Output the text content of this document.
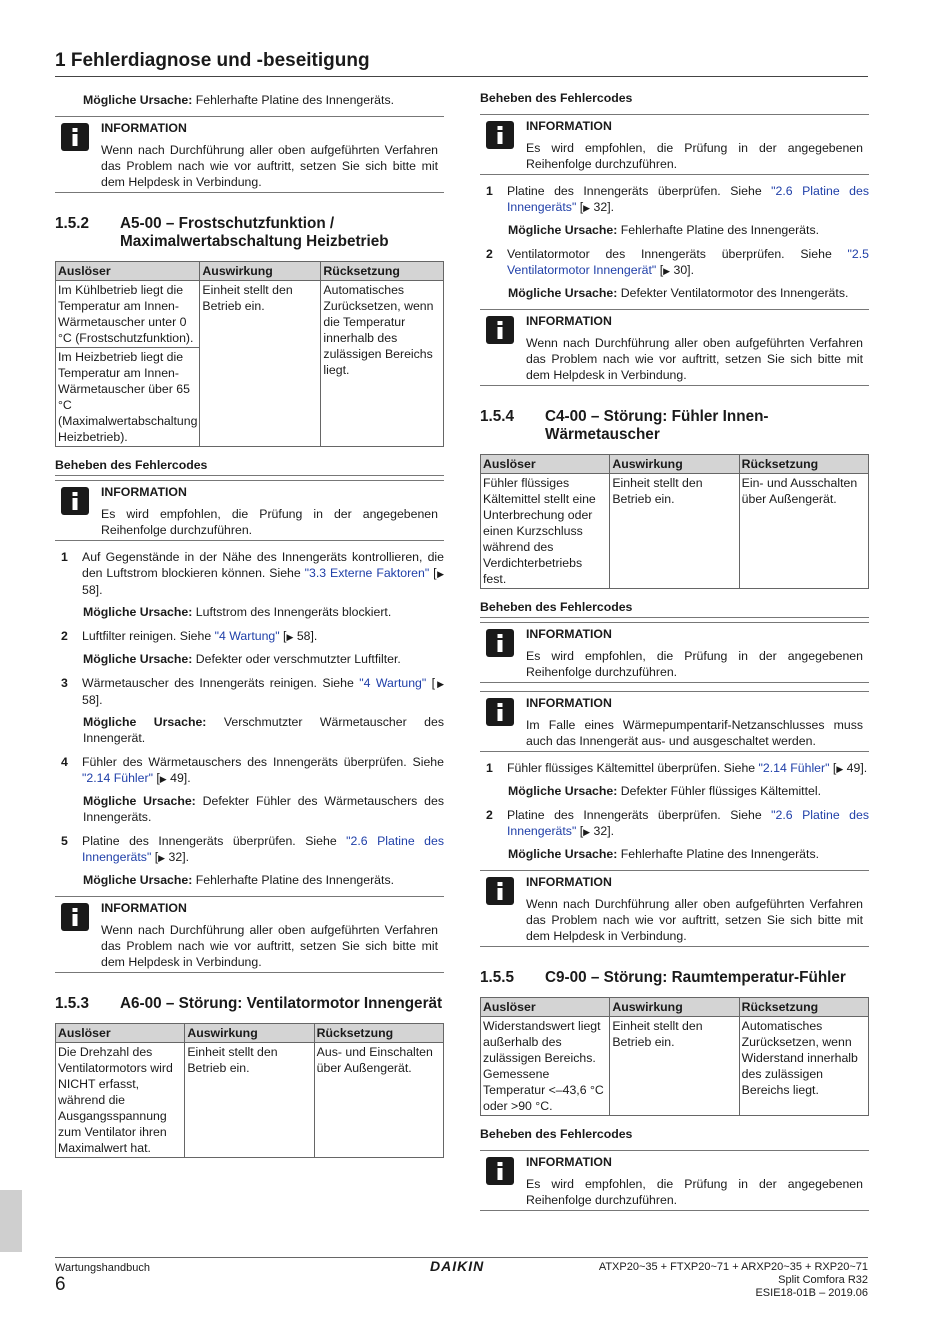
1 Fehlerdiagnose und -beseitigung
Mögliche Ursache: Fehlerhafte Platine des Innengeräts.
INFORMATION
Wenn nach Durchführung aller oben aufgeführten Verfahren das Problem nach wie vor auftritt, setzen Sie sich bitte mit dem Helpdesk in Verbindung.
1.5.2	A5-00 – Frostschutzfunktion / Maximalwertabschaltung Heizbetrieb
Auslöser	Auswirkung	Rücksetzung
Im Kühlbetrieb liegt die Temperatur am Innen-Wärmetauscher unter 0 °C (Frostschutzfunktion).	Einheit stellt den Betrieb ein.	Automatisches Zurücksetzen, wenn die Temperatur innerhalb des zulässigen Bereichs liegt.
Im Heizbetrieb liegt die Temperatur am Innen-Wärmetauscher über 65 °C (Maximalwertabschaltung Heizbetrieb).		
Beheben des Fehlercodes
INFORMATION
Es wird empfohlen, die Prüfung in der angegebenen Reihenfolge durchzuführen.
1	Auf Gegenstände in der Nähe des Innengeräts kontrollieren, die den Luftstrom blockieren können. Siehe "3.3 Externe Faktoren" [▶ 58].
Mögliche Ursache: Luftstrom des Innengeräts blockiert.
2	Luftfilter reinigen. Siehe "4 Wartung" [▶ 58].
Mögliche Ursache: Defekter oder verschmutzter Luftfilter.
3	Wärmetauscher des Innengeräts reinigen. Siehe "4 Wartung" [▶ 58].
Mögliche Ursache: Verschmutzter Wärmetauscher des Innengerät.
4	Fühler des Wärmetauschers des Innengeräts überprüfen. Siehe "2.14 Fühler" [▶ 49].
Mögliche Ursache: Defekter Fühler des Wärmetauschers des Innengeräts.
5	Platine des Innengeräts überprüfen. Siehe "2.6 Platine des Innengeräts" [▶ 32].
Mögliche Ursache: Fehlerhafte Platine des Innengeräts.
INFORMATION
Wenn nach Durchführung aller oben aufgeführten Verfahren das Problem nach wie vor auftritt, setzen Sie sich bitte mit dem Helpdesk in Verbindung.
1.5.3	A6-00 – Störung: Ventilatormotor Innengerät
Auslöser	Auswirkung	Rücksetzung
Die Drehzahl des Ventilatormotors wird NICHT erfasst, während die Ausgangsspannung zum Ventilator ihren Maximalwert hat.	Einheit stellt den Betrieb ein.	Aus- und Einschalten über Außengerät.
Beheben des Fehlercodes
INFORMATION
Es wird empfohlen, die Prüfung in der angegebenen Reihenfolge durchzuführen.
1	Platine des Innengeräts überprüfen. Siehe "2.6 Platine des Innengeräts" [▶ 32].
Mögliche Ursache: Fehlerhafte Platine des Innengeräts.
2	Ventilatormotor des Innengeräts überprüfen. Siehe "2.5 Ventilatormotor Innengerät" [▶ 30].
Mögliche Ursache: Defekter Ventilatormotor des Innengeräts.
INFORMATION
Wenn nach Durchführung aller oben aufgeführten Verfahren das Problem nach wie vor auftritt, setzen Sie sich bitte mit dem Helpdesk in Verbindung.
1.5.4	C4-00 – Störung: Fühler Innen-Wärmetauscher
Auslöser	Auswirkung	Rücksetzung
Fühler flüssiges Kältemittel stellt eine Unterbrechung oder einen Kurzschluss während des Verdichterbetriebs fest.	Einheit stellt den Betrieb ein.	Ein- und Ausschalten über Außengerät.
Beheben des Fehlercodes
INFORMATION
Es wird empfohlen, die Prüfung in der angegebenen Reihenfolge durchzuführen.
INFORMATION
Im Falle eines Wärmepumpentarif-Netzanschlusses muss auch das Innengerät aus- und ausgeschaltet werden.
1	Fühler flüssiges Kältemittel überprüfen. Siehe "2.14 Fühler" [▶ 49].
Mögliche Ursache: Defekter Fühler flüssiges Kältemittel.
2	Platine des Innengeräts überprüfen. Siehe "2.6 Platine des Innengeräts" [▶ 32].
Mögliche Ursache: Fehlerhafte Platine des Innengeräts.
INFORMATION
Wenn nach Durchführung aller oben aufgeführten Verfahren das Problem nach wie vor auftritt, setzen Sie sich bitte mit dem Helpdesk in Verbindung.
1.5.5	C9-00 – Störung: Raumtemperatur-Fühler
Auslöser	Auswirkung	Rücksetzung
Widerstandswert liegt außerhalb des zulässigen Bereichs. Gemessene Temperatur <–43,6 °C oder >90 °C.	Einheit stellt den Betrieb ein.	Automatisches Zurücksetzen, wenn Widerstand innerhalb des zulässigen Bereichs liegt.
Beheben des Fehlercodes
INFORMATION
Es wird empfohlen, die Prüfung in der angegebenen Reihenfolge durchzuführen.
Wartungshandbuch
6
DAIKIN	ATXP20~35 + FTXP20~71 + ARXP20~35 + RXP20~71
Split Comfora R32
ESIE18-01B – 2019.06
